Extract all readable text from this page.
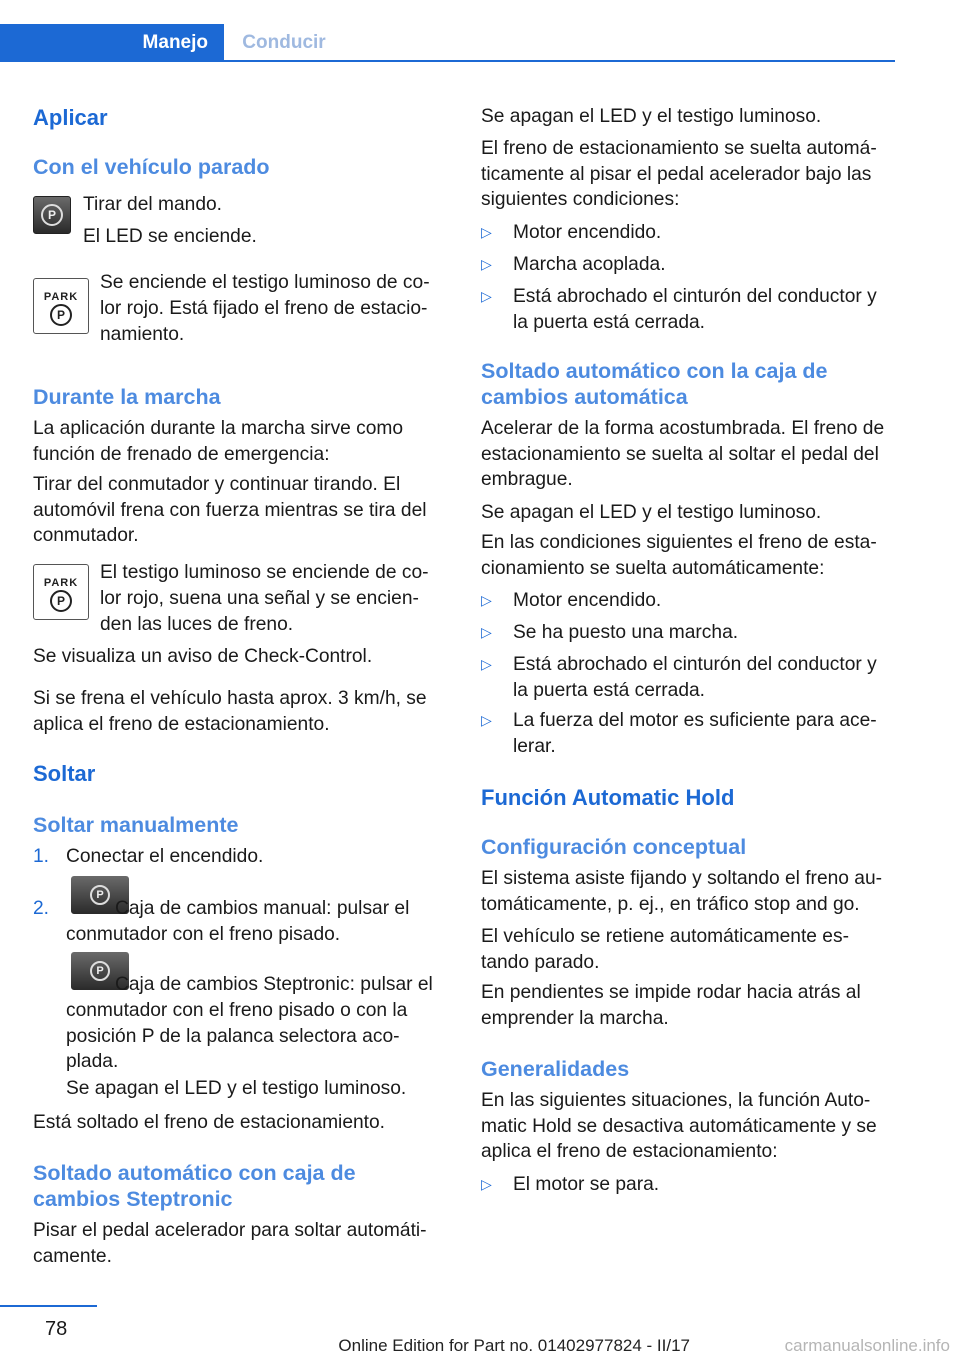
Manejo	Conducir
Aplicar
Con el vehículo parado
P	Tirar del mando.

El LED se enciende.

PARK
P

Se enciende el testigo luminoso de co‐

lor rojo. Está fijado el freno de estacio‐

namiento.

Durante la marcha

La aplicación durante la marcha sirve como función de frenado de emergencia:

Tirar del conmutador y continuar tirando. El automóvil frena con fuerza mientras se tira del conmutador.

PARK
P

El testigo luminoso se enciende de co‐

lor rojo, suena una señal y se encien‐

den las luces de freno.

Se visualiza un aviso de Check-Control.

Si se frena el vehículo hasta aprox. 3 km/h, se aplica el freno de estacionamiento.

Soltar
Soltar manualmente
1. Conectar el encendido.
2.
P
Caja de cambios manual: pulsar el
conmutador con el freno pisado.
P
Caja de cambios Steptronic: pulsar el
conmutador con el freno pisado o con la posición P de la palanca selectora aco‐ plada.

Se apagan el LED y el testigo luminoso.

Está soltado el freno de estacionamiento.

Soltado automático con caja de cambios Steptronic

Pisar el pedal acelerador para soltar automáti‐ camente.

Se apagan el LED y el testigo luminoso.

El freno de estacionamiento se suelta automá‐ ticamente al pisar el pedal acelerador bajo las siguientes condiciones:

▷ Motor encendido.
▷ Marcha acoplada.
▷ Está abrochado el cinturón del conductor y la puerta está cerrada.
Soltado automático con la caja de cambios automática

Acelerar de la forma acostumbrada. El freno de estacionamiento se suelta al soltar el pedal del embrague.

Se apagan el LED y el testigo luminoso.

En las condiciones siguientes el freno de esta‐ cionamiento se suelta automáticamente:

▷ Motor encendido.
▷ Se ha puesto una marcha.
▷ Está abrochado el cinturón del conductor y la puerta está cerrada.
▷ La fuerza del motor es suficiente para ace‐ lerar.
Función Automatic Hold
Configuración conceptual

El sistema asiste fijando y soltando el freno au‐ tomáticamente, p. ej., en tráfico stop and go.

El vehículo se retiene automáticamente es‐ tando parado.

En pendientes se impide rodar hacia atrás al emprender la marcha.

Generalidades

En las siguientes situaciones, la función Auto‐ matic Hold se desactiva automáticamente y se aplica el freno de estacionamiento:

▷ El motor se para.
78
Online Edition for Part no. 01402977824 - II/17	carmanualsonline.info
